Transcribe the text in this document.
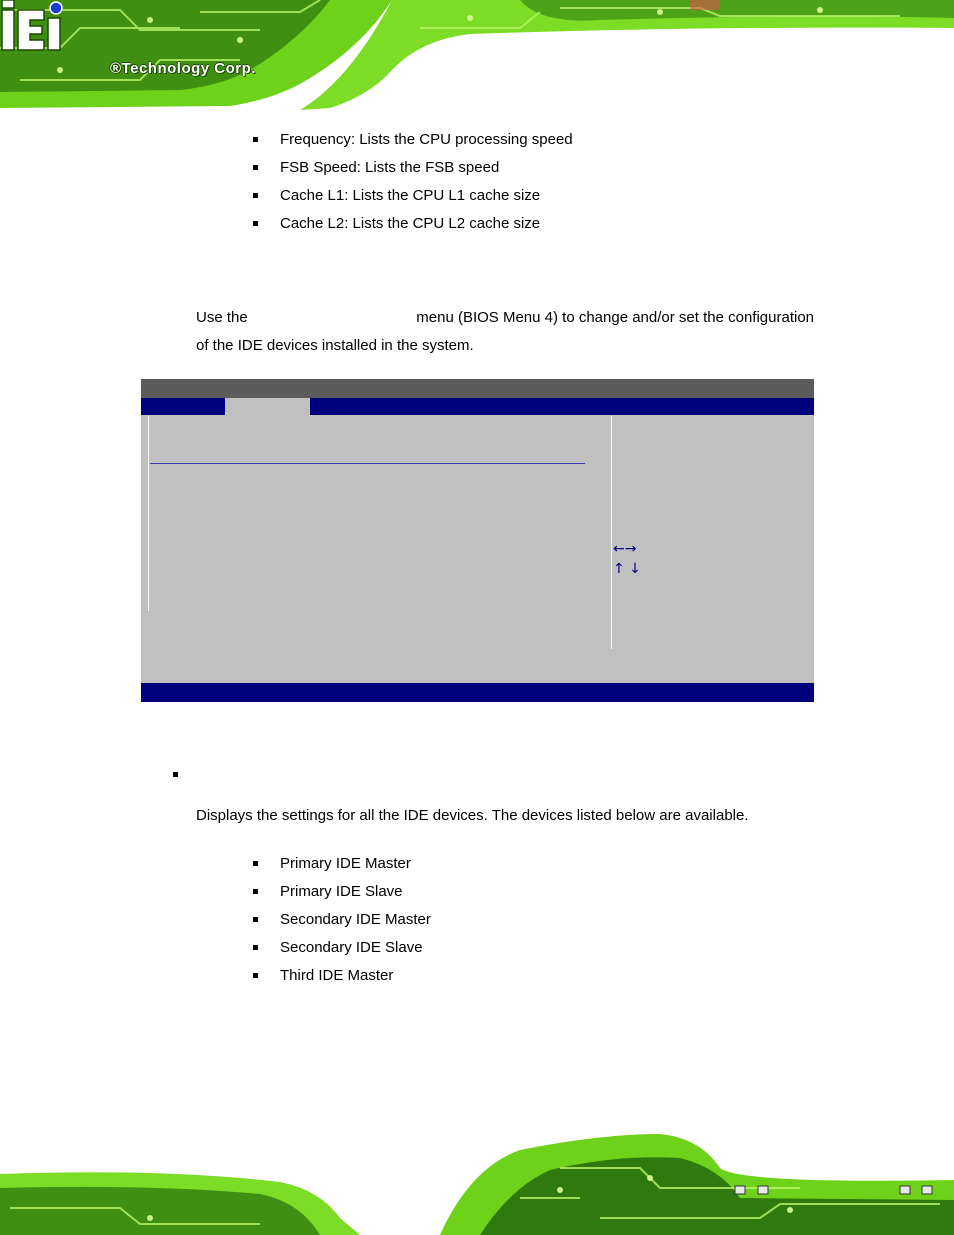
®Technology Corp.
Frequency: Lists the CPU processing speed
FSB Speed: Lists the FSB speed
Cache L1: Lists the CPU L1 cache size
Cache L2: Lists the CPU L2 cache size
Use the	menu (BIOS Menu 4) to change and/or set the configuration
of the IDE devices installed in the system.
←→
↑ ↓
Displays the settings for all the IDE devices. The devices listed below are available.
Primary IDE Master
Primary IDE Slave
Secondary IDE Master
Secondary IDE Slave
Third IDE Master
